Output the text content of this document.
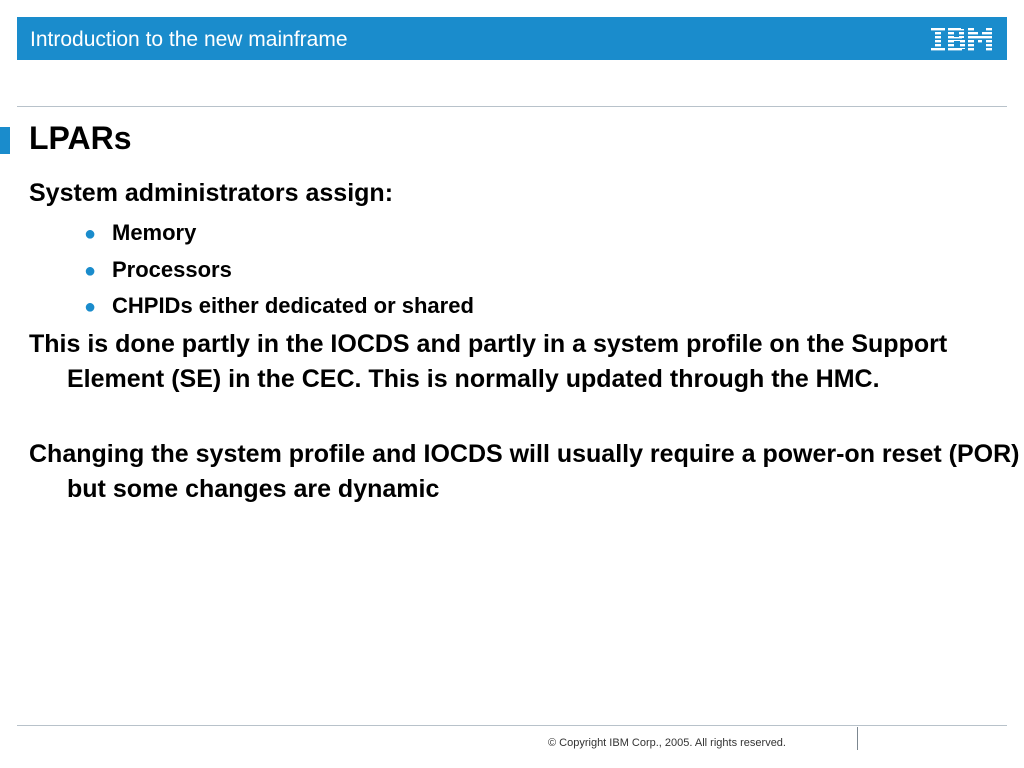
Introduction to the new mainframe
LPARs
System administrators assign:
● Memory
● Processors
● CHPIDs either dedicated or shared
This is done partly in the IOCDS and partly in a system profile on the Support Element (SE) in the CEC. This is normally updated through the HMC.
Changing the system profile and IOCDS will usually require a power-on reset (POR) but some changes are dynamic
© Copyright IBM Corp., 2005. All rights reserved.
